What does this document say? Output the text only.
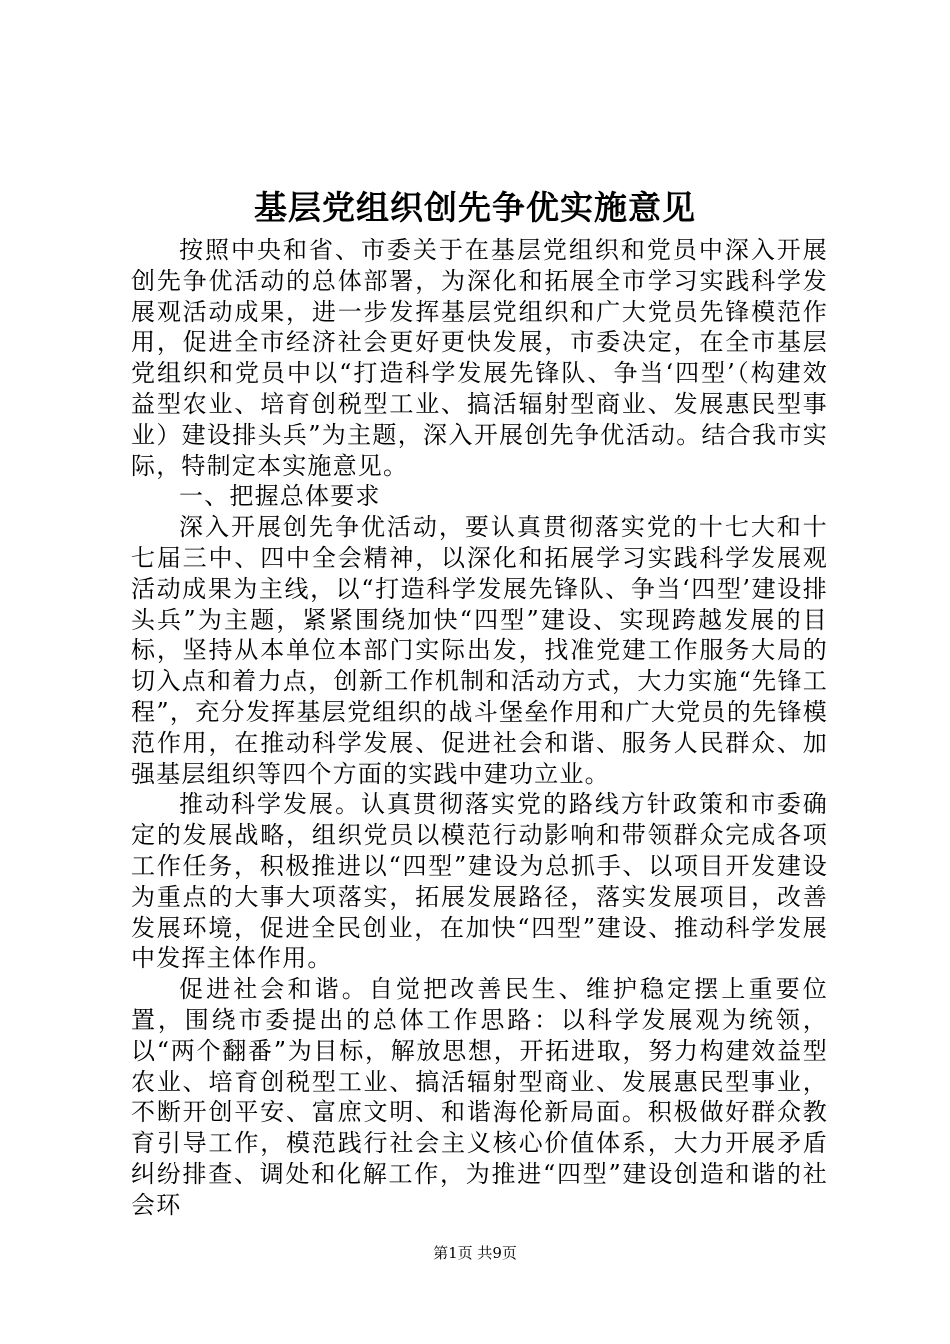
基层党组织创先争优实施意见

按照中央和省、市委关于在基层党组织和党员中深入开展创先争优活动的总体部署，为深化和拓展全市学习实践科学发展观活动成果，进一步发挥基层党组织和广大党员先锋模范作用，促进全市经济社会更好更快发展，市委决定，在全市基层党组织和党员中以“打造科学发展先锋队、争当‘四型’（构建效益型农业、培育创税型工业、搞活辐射型商业、发展惠民型事业）建设排头兵”为主题，深入开展创先争优活动。结合我市实际，特制定本实施意见。

一、把握总体要求

深入开展创先争优活动，要认真贯彻落实党的十七大和十七届三中、四中全会精神，以深化和拓展学习实践科学发展观活动成果为主线，以“打造科学发展先锋队、争当‘四型’建设排头兵”为主题，紧紧围绕加快“四型”建设、实现跨越发展的目标，坚持从本单位本部门实际出发，找准党建工作服务大局的切入点和着力点，创新工作机制和活动方式，大力实施“先锋工程”，充分发挥基层党组织的战斗堡垒作用和广大党员的先锋模范作用，在推动科学发展、促进社会和谐、服务人民群众、加强基层组织等四个方面的实践中建功立业。

推动科学发展。认真贯彻落实党的路线方针政策和市委确定的发展战略，组织党员以模范行动影响和带领群众完成各项工作任务，积极推进以“四型”建设为总抓手、以项目开发建设为重点的大事大项落实，拓展发展路径，落实发展项目，改善发展环境，促进全民创业，在加快“四型”建设、推动科学发展中发挥主体作用。

促进社会和谐。自觉把改善民生、维护稳定摆上重要位置，围绕市委提出的总体工作思路：以科学发展观为统领，以“两个翻番”为目标，解放思想，开拓进取，努力构建效益型农业、培育创税型工业、搞活辐射型商业、发展惠民型事业，不断开创平安、富庶文明、和谐海伦新局面。积极做好群众教育引导工作，模范践行社会主义核心价值体系，大力开展矛盾纠纷排查、调处和化解工作，为推进“四型”建设创造和谐的社会环

第1页 共9页
